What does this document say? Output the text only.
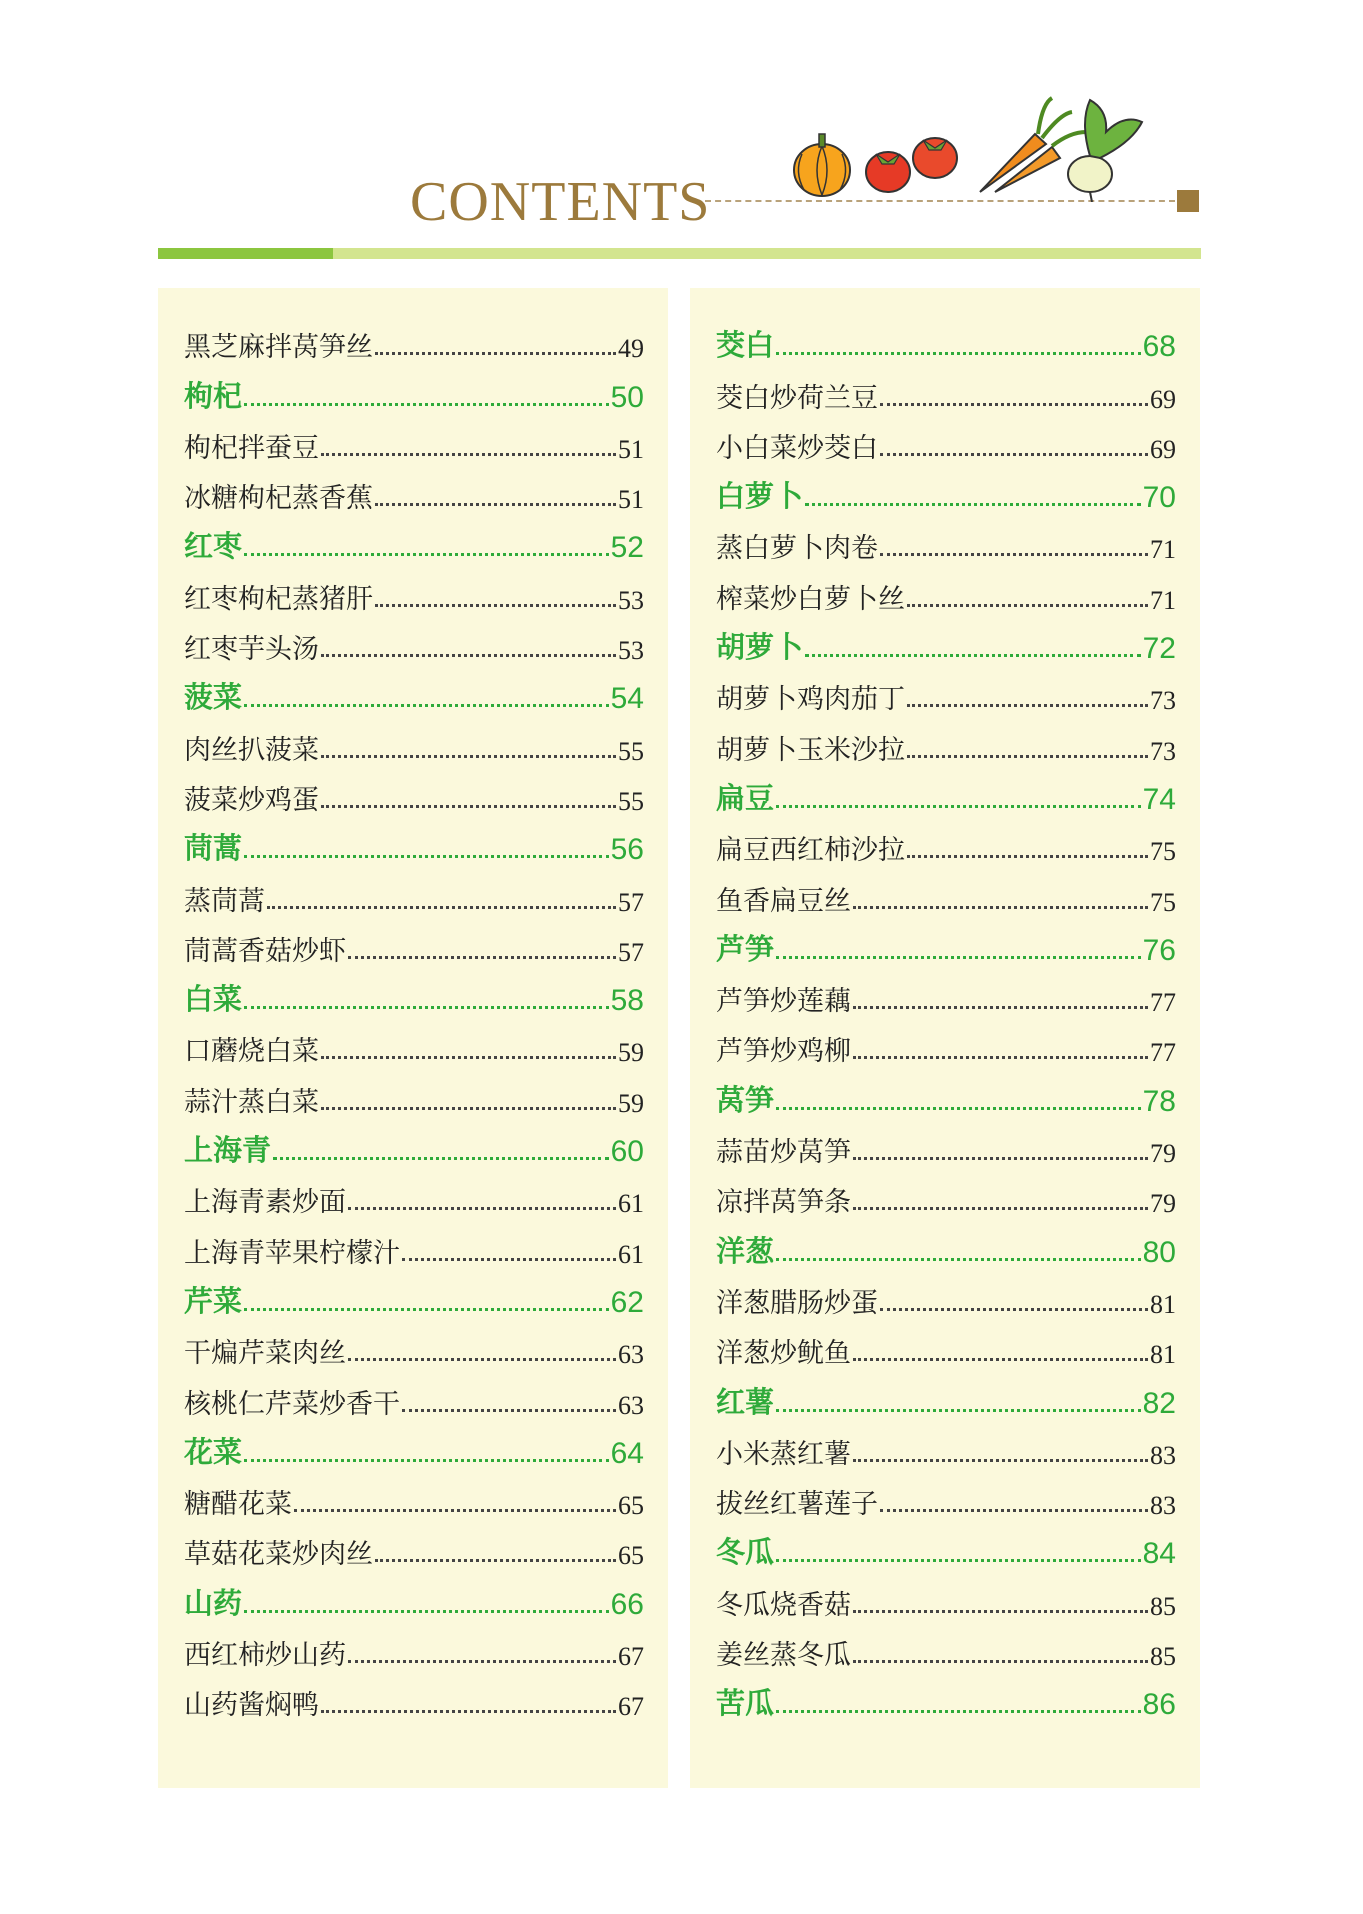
CONTENTS
黑芝麻拌莴笋丝	49
枸杞	50
枸杞拌蚕豆	51
冰糖枸杞蒸香蕉	51
红枣	52
红枣枸杞蒸猪肝	53
红枣芋头汤	53
菠菜	54
肉丝扒菠菜	55
菠菜炒鸡蛋	55
茼蒿	56
蒸茼蒿	57
茼蒿香菇炒虾	57
白菜	58
口蘑烧白菜	59
蒜汁蒸白菜	59
上海青	60
上海青素炒面	61
上海青苹果柠檬汁	61
芹菜	62
干煸芹菜肉丝	63
核桃仁芹菜炒香干	63
花菜	64
糖醋花菜	65
草菇花菜炒肉丝	65
山药	66
西红柿炒山药	67
山药酱焖鸭	67
茭白	68
茭白炒荷兰豆	69
小白菜炒茭白	69
白萝卜	70
蒸白萝卜肉卷	71
榨菜炒白萝卜丝	71
胡萝卜	72
胡萝卜鸡肉茄丁	73
胡萝卜玉米沙拉	73
扁豆	74
扁豆西红柿沙拉	75
鱼香扁豆丝	75
芦笋	76
芦笋炒莲藕	77
芦笋炒鸡柳	77
莴笋	78
蒜苗炒莴笋	79
凉拌莴笋条	79
洋葱	80
洋葱腊肠炒蛋	81
洋葱炒鱿鱼	81
红薯	82
小米蒸红薯	83
拔丝红薯莲子	83
冬瓜	84
冬瓜烧香菇	85
姜丝蒸冬瓜	85
苦瓜	86
